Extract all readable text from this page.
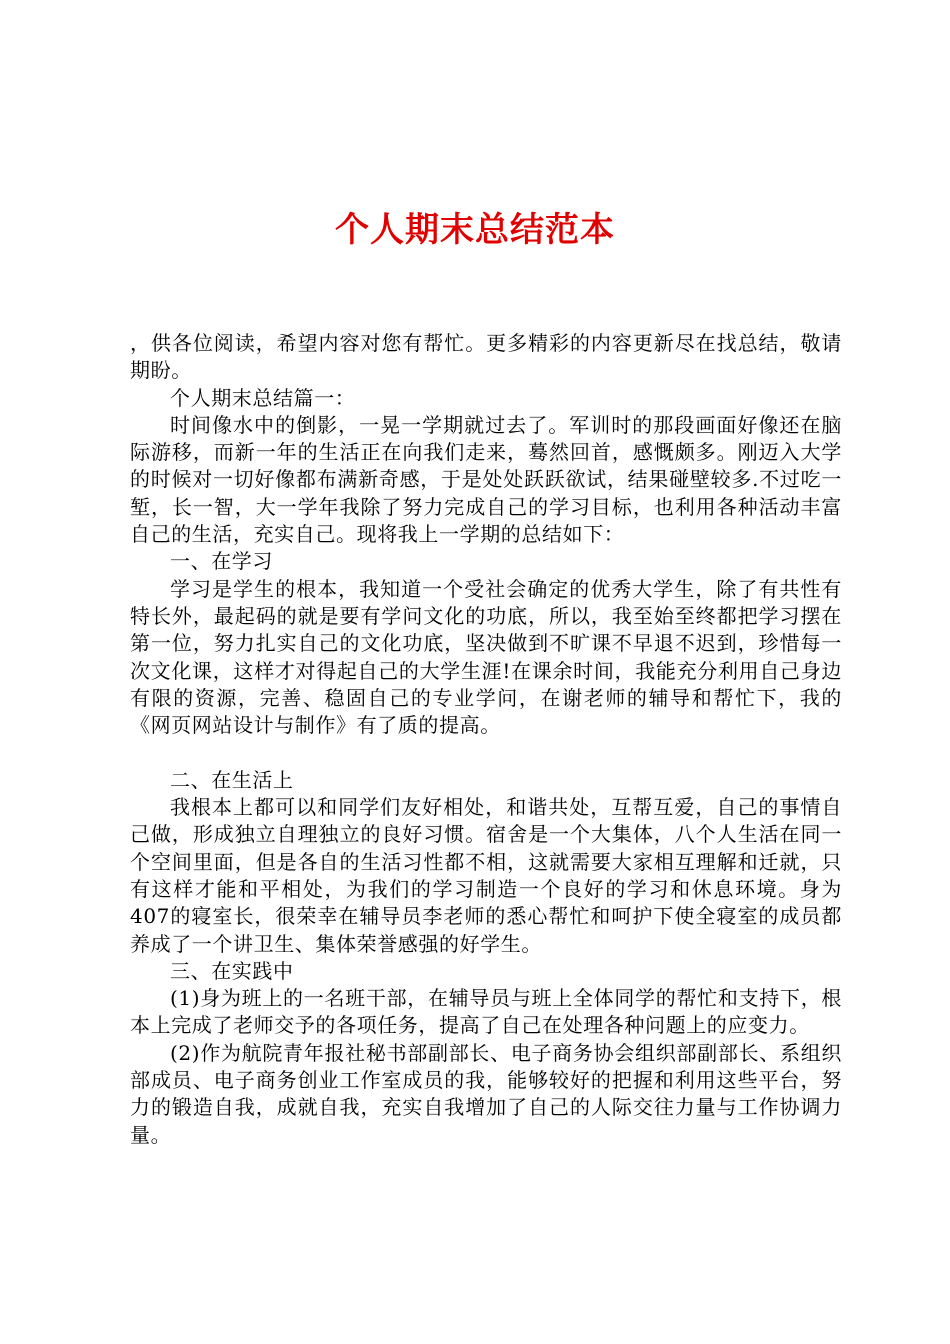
个人期末总结范本

，供各位阅读，希望内容对您有帮忙。更多精彩的内容更新尽在找总结，敬请期盼。

个人期末总结篇一：

时间像水中的倒影，一晃一学期就过去了。军训时的那段画面好像还在脑际游移，而新一年的生活正在向我们走来，蓦然回首，感慨颇多。刚迈入大学的时候对一切好像都布满新奇感，于是处处跃跃欲试，结果碰壁较多.不过吃一堑，长一智，大一学年我除了努力完成自己的学习目标，也利用各种活动丰富自己的生活，充实自己。现将我上一学期的总结如下：

一、在学习

学习是学生的根本，我知道一个受社会确定的优秀大学生，除了有共性有特长外，最起码的就是要有学问文化的功底，所以，我至始至终都把学习摆在第一位，努力扎实自己的文化功底，坚决做到不旷课不早退不迟到，珍惜每一次文化课，这样才对得起自己的大学生涯!在课余时间，我能充分利用自己身边有限的资源，完善、稳固自己的专业学问，在谢老师的辅导和帮忙下，我的《网页网站设计与制作》有了质的提高。

二、在生活上

我根本上都可以和同学们友好相处，和谐共处，互帮互爱，自己的事情自己做，形成独立自理独立的良好习惯。宿舍是一个大集体，八个人生活在同一个空间里面，但是各自的生活习性都不相，这就需要大家相互理解和迁就，只有这样才能和平相处，为我们的学习制造一个良好的学习和休息环境。身为407的寝室长，很荣幸在辅导员李老师的悉心帮忙和呵护下使全寝室的成员都养成了一个讲卫生、集体荣誉感强的好学生。

三、在实践中

(1)身为班上的一名班干部，在辅导员与班上全体同学的帮忙和支持下，根本上完成了老师交予的各项任务，提高了自己在处理各种问题上的应变力。

(2)作为航院青年报社秘书部副部长、电子商务协会组织部副部长、系组织部成员、电子商务创业工作室成员的我，能够较好的把握和利用这些平台，努力的锻造自我，成就自我，充实自我增加了自己的人际交往力量与工作协调力量。
